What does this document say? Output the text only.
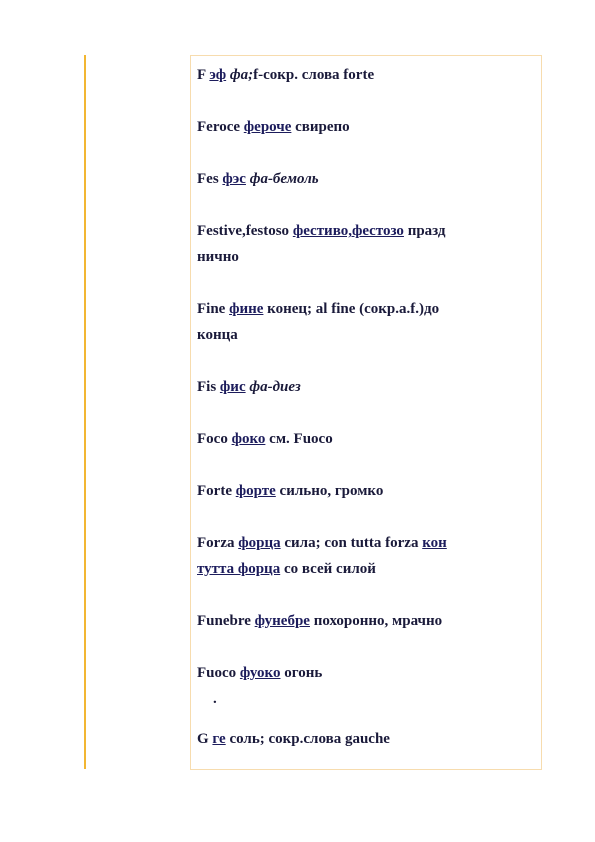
F эф фа;f-сокр. слова forte
Feroce фероче свирепо
Fes фэс фа-бемоль
Festive,festoso фестиво,фестозо празд
нично
Fine фине конец; al fine (сокр.a.f.)до
конца
Fis фис фа-диез
Foco фоко см. Fuoco
Forte форте сильно, громко
Forza форца сила; con tutta forza кон
тутта форца со всей силой
Funebre фунебре похоронно, мрачно
Fuoco фуоко огонь
.
G ге соль; сокр.слова gauche
